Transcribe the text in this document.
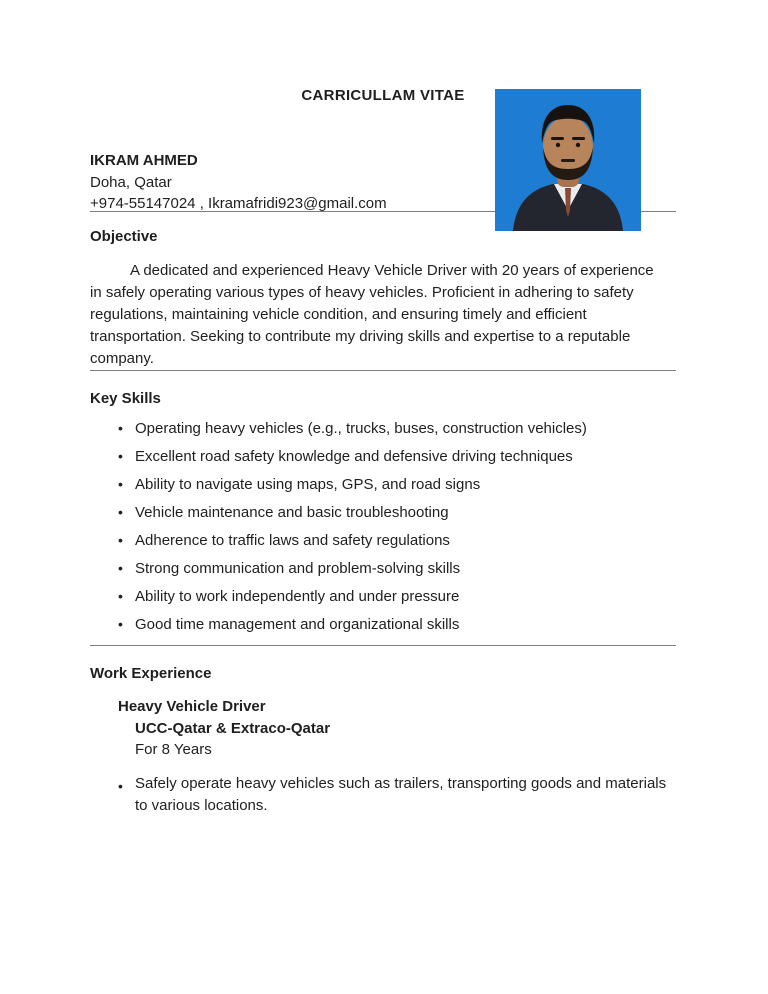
CARRICULLAM VITAE
IKRAM AHMED
Doha, Qatar
+974-55147024 , Ikramafridi923@gmail.com
Objective
A dedicated and experienced Heavy Vehicle Driver with 20 years of experience in safely operating various types of heavy vehicles. Proficient in adhering to safety regulations, maintaining vehicle condition, and ensuring timely and efficient transportation. Seeking to contribute my driving skills and expertise to a reputable company.
Key Skills
• Operating heavy vehicles (e.g., trucks, buses, construction vehicles)
• Excellent road safety knowledge and defensive driving techniques
• Ability to navigate using maps, GPS, and road signs
• Vehicle maintenance and basic troubleshooting
• Adherence to traffic laws and safety regulations
• Strong communication and problem-solving skills
• Ability to work independently and under pressure
• Good time management and organizational skills
Work Experience
Heavy Vehicle Driver
UCC-Qatar & Extraco-Qatar
For 8 Years
• Safely operate heavy vehicles such as trailers, transporting goods and materials to various locations.
